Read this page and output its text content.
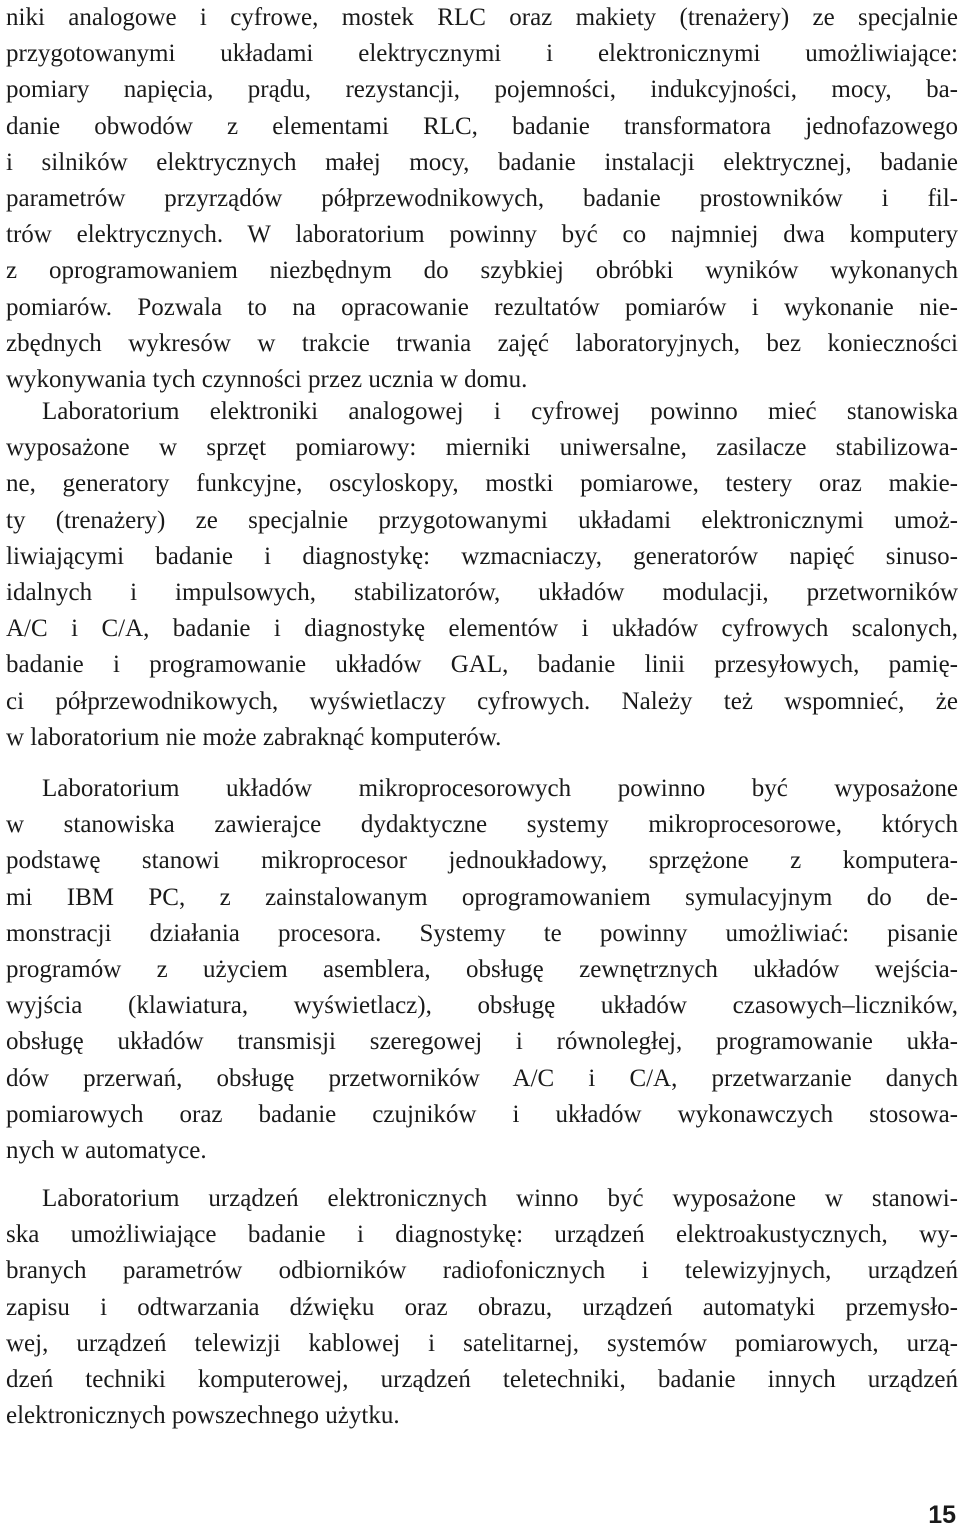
niki analogowe i cyfrowe, mostek RLC oraz makiety (trenażery) ze specjalnie
przygotowanymi układami elektrycznymi i elektronicznymi umożliwiające:
pomiary napięcia, prądu, rezystancji, pojemności, indukcyjności, mocy, ba-
danie obwodów z elementami RLC, badanie transformatora jednofazowego
i silników elektrycznych małej mocy, badanie instalacji elektrycznej, badanie
parametrów przyrządów półprzewodnikowych, badanie prostowników i fil-
trów elektrycznych. W laboratorium powinny być co najmniej dwa komputery
z oprogramowaniem niezbędnym do szybkiej obróbki wyników wykonanych
pomiarów. Pozwala to na opracowanie rezultatów pomiarów i wykonanie nie-
zbędnych wykresów w trakcie trwania zajęć laboratoryjnych, bez konieczności
wykonywania tych czynności przez ucznia w domu.
Laboratorium elektroniki analogowej i cyfrowej powinno mieć stanowiska
wyposażone w sprzęt pomiarowy: mierniki uniwersalne, zasilacze stabilizowa-
ne, generatory funkcyjne, oscyloskopy, mostki pomiarowe, testery oraz makie-
ty (trenażery) ze specjalnie przygotowanymi układami elektronicznymi umoż-
liwiającymi badanie i diagnostykę: wzmacniaczy, generatorów napięć sinuso-
idalnych i impulsowych, stabilizatorów, układów modulacji, przetworników
A/C i C/A, badanie i diagnostykę elementów i układów cyfrowych scalonych,
badanie i programowanie układów GAL, badanie linii przesyłowych, pamię-
ci półprzewodnikowych, wyświetlaczy cyfrowych. Należy też wspomnieć, że
w laboratorium nie może zabraknąć komputerów.
Laboratorium układów mikroprocesorowych powinno być wyposażone
w stanowiska zawierajce dydaktyczne systemy mikroprocesorowe, których
podstawę stanowi mikroprocesor jednoukładowy, sprzężone z komputera-
mi IBM PC, z zainstalowanym oprogramowaniem symulacyjnym do de-
monstracji działania procesora. Systemy te powinny umożliwiać: pisanie
programów z użyciem asemblera, obsługę zewnętrznych układów wejścia-
wyjścia (klawiatura, wyświetlacz), obsługę układów czasowych–liczników,
obsługę układów transmisji szeregowej i równoległej, programowanie ukła-
dów przerwań, obsługę przetworników A/C i C/A, przetwarzanie danych
pomiarowych oraz badanie czujników i układów wykonawczych stosowa-
nych w automatyce.
Laboratorium urządzeń elektronicznych winno być wyposażone w stanowi-
ska umożliwiające badanie i diagnostykę: urządzeń elektroakustycznych, wy-
branych parametrów odbiorników radiofonicznych i telewizyjnych, urządzeń
zapisu i odtwarzania dźwięku oraz obrazu, urządzeń automatyki przemysło-
wej, urządzeń telewizji kablowej i satelitarnej, systemów pomiarowych, urzą-
dzeń techniki komputerowej, urządzeń teletechniki, badanie innych urządzeń
elektronicznych powszechnego użytku.
15
